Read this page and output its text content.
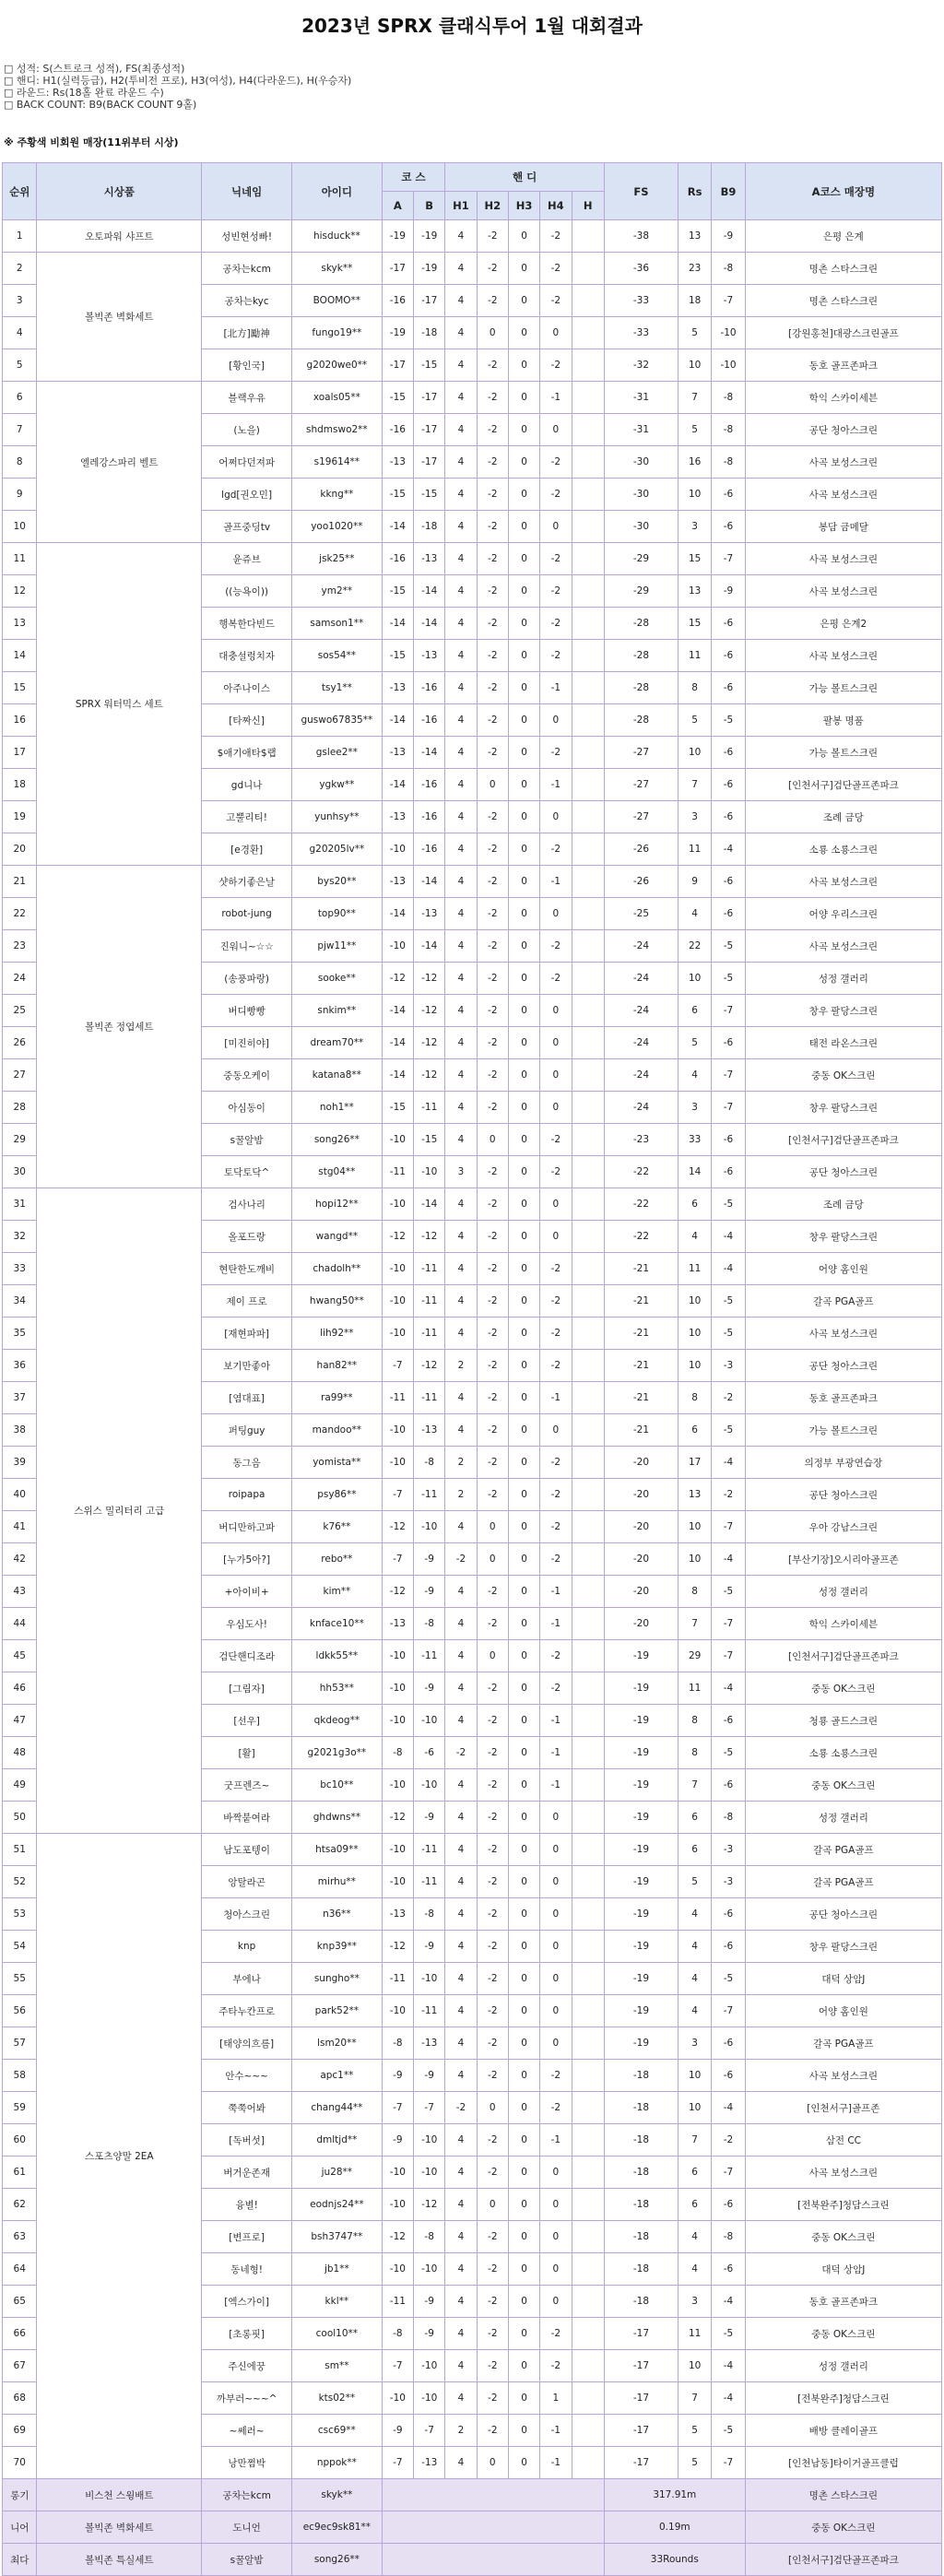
2023년 SPRX 클래식투어 1월 대회결과
□ 성적: S(스트로크 성적), FS(최종성적)
□ 핸디: H1(실력등급), H2(투비전 프로), H3(여성), H4(다라운드), H(우승자)
□ 라운드: Rs(18홀 완료 라운드 수)
□ BACK COUNT: B9(BACK COUNT 9홀)
※ 주황색 비회원 매장(11위부터 시상)
순위	시상품	닉네임	아이디	코 스		핸 디					FS	Rs	B9	A코스 매장명
				A	B	H1	H2	H3	H4	H				
1	오토파워 샤프트	성빈현성빠!	hisduck**	-19	-19	4	-2	0	-2		-38	13	-9	은평 은계
2	볼빅존 벽화세트	공차는kcm	skyk**	-17	-19	4	-2	0	-2		-36	23	-8	명촌 스타스크린
3		공차는kyc	BOOMO**	-16	-17	4	-2	0	-2		-33	18	-7	명촌 스타스크린
4		[北方]勵神	fungo19**	-19	-18	4	0	0	0		-33	5	-10	[강원홍천]대광스크린골프
5		[황인국]	g2020we0**	-17	-15	4	-2	0	-2		-32	10	-10	동호 골프존파크
6	엘레강스파리 벨트	블랙우유	xoals05**	-15	-17	4	-2	0	-1		-31	7	-8	학익 스카이세븐
7		(노을)	shdmswo2**	-16	-17	4	-2	0	0		-31	5	-8	공단 청아스크린
8		어쩌다던져파	s19614**	-13	-17	4	-2	0	-2		-30	16	-8	사곡 보성스크린
9		lgd[권오민]	kkng**	-15	-15	4	-2	0	-2		-30	10	-6	사곡 보성스크린
10		골프중딩tv	yoo1020**	-14	-18	4	-2	0	0		-30	3	-6	봉담 금메달
11	SPRX 워터믹스 세트	윤쥬브	jsk25**	-16	-13	4	-2	0	-2		-29	15	-7	사곡 보성스크린
12		((능욕이))	ym2**	-15	-14	4	-2	0	-2		-29	13	-9	사곡 보성스크린
13		행복한다빈드	samson1**	-14	-14	4	-2	0	-2		-28	15	-6	은평 은계2
14		대충설렁치자	sos54**	-15	-13	4	-2	0	-2		-28	11	-6	사곡 보성스크린
15		아주나이스	tsy1**	-13	-16	4	-2	0	-1		-28	8	-6	가능 볼트스크린
16		[타짜신]	guswo67835**	-14	-16	4	-2	0	0		-28	5	-5	팔봉 명품
17		$애기애타$랩	gslee2**	-13	-14	4	-2	0	-2		-27	10	-6	가능 볼트스크린
18		gd니나	ygkw**	-14	-16	4	0	0	-1		-27	7	-6	[인천서구]검단골프존파크
19		고뿔리티!	yunhsy**	-13	-16	4	-2	0	0		-27	3	-6	조례 금당
20		[e경환]	g20205lv**	-10	-16	4	-2	0	-2		-26	11	-4	소룡 소룡스크린
21	볼빅존 정엽세트	샷하기좋은날	bys20**	-13	-14	4	-2	0	-1		-26	9	-6	사곡 보성스크린
22		robot-jung	top90**	-14	-13	4	-2	0	0		-25	4	-6	어양 우리스크린
23		진워니~☆☆	pjw11**	-10	-14	4	-2	0	-2		-24	22	-5	사곡 보성스크린
24		(송풍파랑)	sooke**	-12	-12	4	-2	0	-2		-24	10	-5	성정 갤러리
25		버디빵빵	snkim**	-14	-12	4	-2	0	0		-24	6	-7	창우 팔당스크린
26		[미진히야]	dream70**	-14	-12	4	-2	0	0		-24	5	-6	태전 라온스크린
27		중동오케이	katana8**	-14	-12	4	-2	0	0		-24	4	-7	중동 OK스크린
28		아심동이	noh1**	-15	-11	4	-2	0	0		-24	3	-7	창우 팔당스크린
29		s꿀알밤	song26**	-10	-15	4	0	0	-2		-23	33	-6	[인천서구]검단골프존파크
30		토닥토닥^	stg04**	-11	-10	3	-2	0	-2		-22	14	-6	공단 청아스크린
31	스위스 밀리터리 고급	검사나리	hopi12**	-10	-14	4	-2	0	0		-22	6	-5	조례 금당
32		올포드랑	wangd**	-12	-12	4	-2	0	0		-22	4	-4	창우 팔당스크린
33		현탄한도깨비	chadolh**	-10	-11	4	-2	0	-2		-21	11	-4	어양 홈인원
34		제이 프로	hwang50**	-10	-11	4	-2	0	-2		-21	10	-5	갈곡 PGA골프
35		[재현파파]	lih92**	-10	-11	4	-2	0	-2		-21	10	-5	사곡 보성스크린
36		보기만좋아	han82**	-7	-12	2	-2	0	-2		-21	10	-3	공단 청아스크린
37		[염대표]	ra99**	-11	-11	4	-2	0	-1		-21	8	-2	동호 골프존파크
38		퍼팅guy	mandoo**	-10	-13	4	-2	0	0		-21	6	-5	가능 볼트스크린
39		동그음	yomista**	-10	-8	2	-2	0	-2		-20	17	-4	의정부 부광연습장
40		roipapa	psy86**	-7	-11	2	-2	0	-2		-20	13	-2	공단 청아스크린
41		버디만하고파	k76**	-12	-10	4	0	0	-2		-20	10	-7	우아 강남스크린
42		[누가5아?]	rebo**	-7	-9	-2	0	0	-2		-20	10	-4	[부산기장]오시리아골프존
43		+아이비+	kim**	-12	-9	4	-2	0	-1		-20	8	-5	성정 갤러리
44		우심도사!	knface10**	-13	-8	4	-2	0	-1		-20	7	-7	학익 스카이세븐
45		검단핸디조라	ldkk55**	-10	-11	4	0	0	-2		-19	29	-7	[인천서구]검단골프존파크
46		[그림자]	hh53**	-10	-9	4	-2	0	-2		-19	11	-4	중동 OK스크린
47		[선우]	qkdeog**	-10	-10	4	-2	0	-1		-19	8	-6	청룡 골드스크린
48		[활]	g2021g3o**	-8	-6	-2	-2	0	-1		-19	8	-5	소룡 소룡스크린
49		굿프렌즈~	bc10**	-10	-10	4	-2	0	-1		-19	7	-6	중동 OK스크린
50		바짝붙여라	ghdwns**	-12	-9	4	-2	0	0		-19	6	-8	성정 갤러리
51	스포츠양말 2EA	남도포텡이	htsa09**	-10	-11	4	-2	0	0		-19	6	-3	갈곡 PGA골프
52		앙탈라곤	mirhu**	-10	-11	4	-2	0	0		-19	5	-3	갈곡 PGA골프
53		청아스크린	n36**	-13	-8	4	-2	0	0		-19	4	-6	공단 청아스크린
54		knp	knp39**	-12	-9	4	-2	0	0		-19	4	-6	창우 팔당스크린
55		부에나	sungho**	-11	-10	4	-2	0	0		-19	4	-5	대덕 상암J
56		주타누칸프로	park52**	-10	-11	4	-2	0	0		-19	4	-7	어양 홈인원
57		[태양의흐름]	lsm20**	-8	-13	4	-2	0	0		-19	3	-6	갈곡 PGA골프
58		안수~~~	apc1**	-9	-9	4	-2	0	-2		-18	10	-6	사곡 보성스크린
59		쭉쭉어봐	chang44**	-7	-7	-2	0	0	-2		-18	10	-4	[인천서구]골프존
60		[독버섯]	dmltjd**	-9	-10	4	-2	0	-1		-18	7	-2	삼전 CC
61		버거운존재	ju28**	-10	-10	4	-2	0	0		-18	6	-7	사곡 보성스크린
62		융별!	eodnjs24**	-10	-12	4	0	0	0		-18	6	-6	[전북완주]청담스크린
63		[변프로]	bsh3747**	-12	-8	4	-2	0	0		-18	4	-8	중동 OK스크린
64		동네형!	jb1**	-10	-10	4	-2	0	0		-18	4	-6	대덕 상암J
65		[엑스가이]	kkl**	-11	-9	4	-2	0	0		-18	3	-4	동호 골프존파크
66		[초롱핏]	cool10**	-8	-9	4	-2	0	-2		-17	11	-5	중동 OK스크린
67		주신에꿍	sm**	-7	-10	4	-2	0	-2		-17	10	-4	성정 갤러리
68		까부러~~~^	kts02**	-10	-10	4	-2	0	1		-17	7	-4	[전북완주]청담스크린
69		~쎄러~	csc69**	-9	-7	2	-2	0	-1		-17	5	-5	배방 클레이골프
70		낭만쩜박	nppok**	-7	-13	4	0	0	-1		-17	5	-7	[인천남동]타이거골프클럽
롱기	비스천 스윙배트	공차는kcm	skyk**								317.91m			명촌 스타스크린
니어	볼빅존 벽화세트	도니언	ec9ec9sk81**								0.19m			중동 OK스크린
최다	볼빅존 특실세트	s꿀알밤	song26**								33Rounds			[인천서구]검단골프존파크
